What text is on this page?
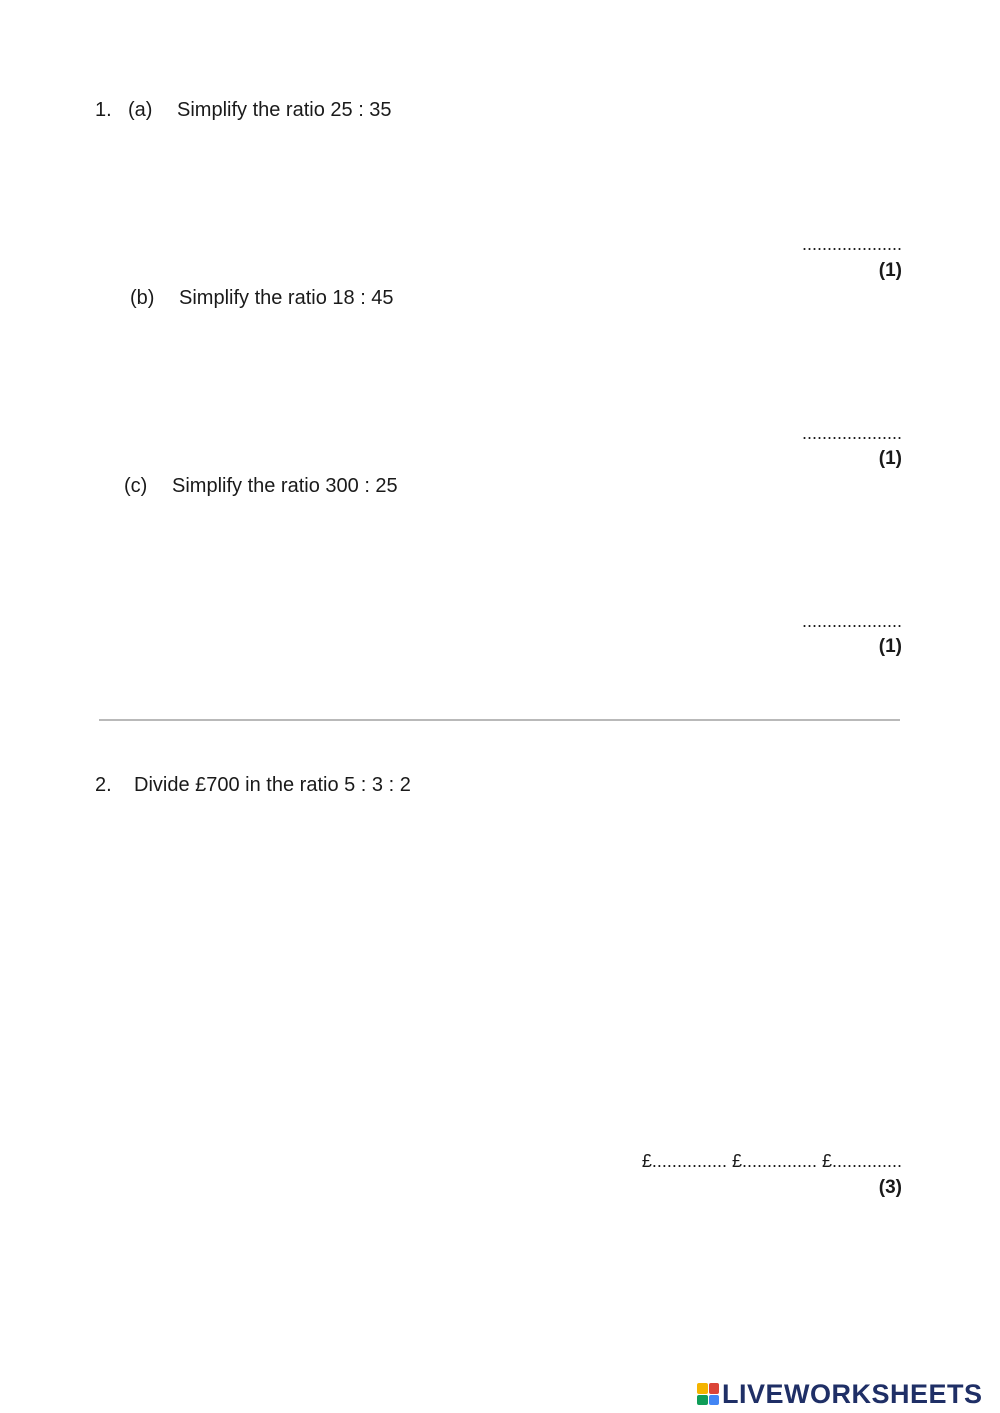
1. (a) Simplify the ratio 25 : 35
....................
(1)
(b) Simplify the ratio 18 : 45
....................
(1)
(c) Simplify the ratio 300 : 25
....................
(1)
2. Divide £700 in the ratio 5 : 3 : 2
£............... £............... £..............
(3)
LIVEWORKSHEETS
